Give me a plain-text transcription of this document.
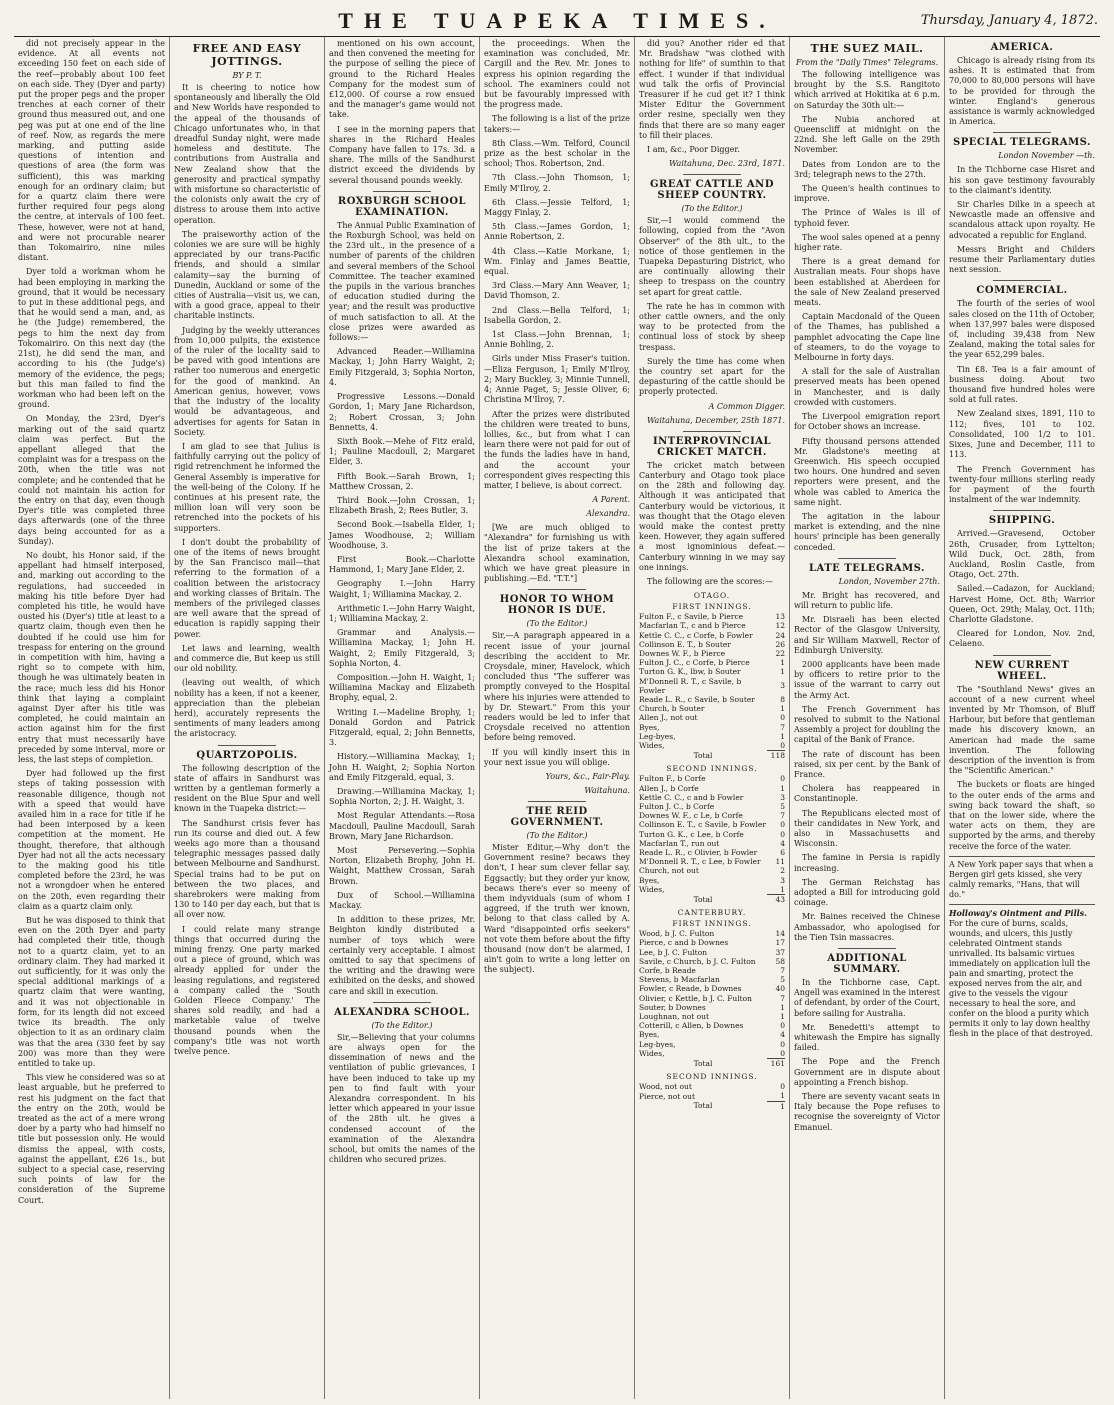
THE TUAPEKA TIMES.	Thursday, January 4, 1872.

did not precisely appear in the evidence. At all events not exceeding 150 feet on each side of the reef—probably about 100 feet on each side. They (Dyer and party) put the proper pegs and the proper trenches at each corner of their ground thus measured out, and one peg was put at one end of the line of reef. Now, as regards the mere marking, and putting aside questions of intention and questions of area (the form was sufficient), this was marking enough for an ordinary claim; but for a quartz claim there were further required four pegs along the centre, at intervals of 100 feet. These, however, were not at hand, and were not procurable nearer than Tokomairiro, nine miles distant.

Dyer told a workman whom he had been employing in marking the ground, that it would be necessary to put in these additional pegs, and that he would send a man, and, as he (the Judge) remembered, the pegs to him the next day from Tokomairiro. On this next day (the 21st), he did send the man, and according to his (the Judge's) memory of the evidence, the pegs; but this man failed to find the workman who had been left on the ground.

On Monday, the 23rd, Dyer's marking out of the said quartz claim was perfect. But the appellant alleged that the complaint was for a trespass on the 20th, when the title was not complete; and he contended that he could not maintain his action for the entry on that day, even though Dyer's title was completed three days afterwards (one of the three days being accounted for as a Sunday).

No doubt, his Honor said, if the appellant had himself interposed, and, marking out according to the regulations, had succeeded in making his title before Dyer had completed his title, he would have ousted his (Dyer's) title at least to a quartz claim, though even then he doubted if he could use him for trespass for entering on the ground in competition with him, having a right so to compete with him, though he was ultimately beaten in the race; much less did his Honor think that laying a complaint against Dyer after his title was completed, he could maintain an action against him for the first entry that must necessarily have preceded by some interval, more or less, the last steps of completion.

Dyer had followed up the first steps of taking possession with reasonable diligence, though not with a speed that would have availed him in a race for title if he had been interposed by a keen competition at the moment. He thought, therefore, that although Dyer had not all the acts necessary to the making good his title completed before the 23rd, he was not a wrongdoer when he entered on the 20th, even regarding their claim as a quartz claim only.

But he was disposed to think that even on the 20th Dyer and party had completed their title, though not to a quartz claim, yet to an ordinary claim. They had marked it out sufficiently, for it was only the special additional markings of a quartz claim that were wanting, and it was not objectionable in form, for its length did not exceed twice its breadth. The only objection to it as an ordinary claim was that the area (330 feet by say 200) was more than they were entitled to take up.

This view he considered was so at least arguable, but he preferred to rest his judgment on the fact that the entry on the 20th, would be treated as the act of a mere wrong doer by a party who had himself no title but possession only. He would dismiss the appeal, with costs, against the appellant, £26 1s., but subject to a special case, reserving such points of law for the consideration of the Supreme Court.

FREE AND EASY JOTTINGS.
BY P. T.

It is cheering to notice how spontaneously and liberally the Old and New Worlds have responded to the appeal of the thousands of Chicago unfortunates who, in that dreadful Sunday night, were made homeless and destitute. The contributions from Australia and New Zealand show that the generosity and practical sympathy with misfortune so characteristic of the colonists only await the cry of distress to arouse them into active operation.

The praiseworthy action of the colonies we are sure will be highly appreciated by our trans-Pacific friends, and should a similar calamity—say the burning of Dunedin, Auckland or some of the cities of Australia—visit us, we can, with a good grace, appeal to their charitable instincts.

Judging by the weekly utterances from 10,000 pulpits, the existence of the ruler of the locality said to be paved with good intentions are rather too numerous and energetic for the good of mankind. An American genius, however, vows that the industry of the locality would be advantageous, and advertises for agents for Satan in Society.

I am glad to see that Julius is faithfully carrying out the policy of rigid retrenchment he informed the General Assembly is imperative for the well-being of the Colony. If he continues at his present rate, the million loan will very soon be retrenched into the pockets of his supporters.

I don't doubt the probability of one of the items of news brought by the San Francisco mail—that referring to the formation of a coalition between the aristocracy and working classes of Britain. The members of the privileged classes are well aware that the spread of education is rapidly sapping their power.

Let laws and learning, wealth and commerce die, But keep us still our old nobility.

(leaving out wealth, of which nobility has a keen, if not a keener, appreciation than the plebeian herd), accurately represents the sentiments of many leaders among the aristocracy.

QUARTZOPOLIS.

The following description of the state of affairs in Sandhurst was written by a gentleman formerly a resident on the Blue Spur and well known in the Tuapeka district:—

The Sandhurst crisis fever has run its course and died out. A few weeks ago more than a thousand telegraphic messages passed daily between Melbourne and Sandhurst. Special trains had to be put on between the two places, and sharebrokers were making from 130 to 140 per day each, but that is all over now.

I could relate many strange things that occurred during the mining frenzy. One party marked out a piece of ground, which was already applied for under the leasing regulations, and registered a company called the 'South Golden Fleece Company.' The shares sold readily, and had a marketable value of twelve thousand pounds when the company's title was not worth twelve pence.

mentioned on his own account, and then convened the meeting for the purpose of selling the piece of ground to the Richard Heales Company for the modest sum of £12,000. Of course a row ensued and the manager's game would not take.

I see in the morning papers that shares in the Richard Heales Company have fallen to 17s. 3d. a share. The mills of the Sandhurst district exceed the dividends by several thousand pounds weekly.

ROXBURGH SCHOOL EXAMINATION.

The Annual Public Examination of the Roxburgh School, was held on the 23rd ult., in the presence of a number of parents of the children and several members of the School Committee. The teacher examined the pupils in the various branches of education studied during the year; and the result was productive of much satisfaction to all. At the close prizes were awarded as follows:—

Advanced Reader.—Williamina Mackay, 1; John Harry Waight, 2; Emily Fitzgerald, 3; Sophia Norton, 4.

Progressive Lessons.—Donald Gordon, 1; Mary Jane Richardson, 2; Robert Crossan, 3; John Bennetts, 4.

Sixth Book.—Mehe of Fitz erald, 1; Pauline Macdoull, 2; Margaret Elder, 3.

Fifth Book.—Sarah Brown, 1; Matthew Crossan, 2.

Third Book.—John Crossan, 1; Elizabeth Brash, 2; Rees Butler, 3.

Second Book.—Isabella Elder, 1; James Woodhouse, 2; William Woodhouse, 3.

First Book.—Charlotte Hammond, 1; Mary Jane Elder, 2.

Geography I.—John Harry Waight, 1; Williamina Mackay, 2.

Arithmetic I.—John Harry Waight, 1; Williamina Mackay, 2.

Grammar and Analysis.—Williamina Mackay, 1; John H. Waight, 2; Emily Fitzgerald, 3; Sophia Norton, 4.

Composition.—John H. Waight, 1; Williamina Mackay and Elizabeth Brophy, equal, 2.

Writing I.—Madeline Brophy, 1; Donald Gordon and Patrick Fitzgerald, equal, 2; John Bennetts, 3.

History.—Williamina Mackay, 1; John H. Waight, 2; Sophia Norton and Emily Fitzgerald, equal, 3.

Drawing.—Williamina Mackay, 1; Sophia Norton, 2; J. H. Waight, 3.

Most Regular Attendants.—Rosa Macdoull, Pauline Macdoull, Sarah Brown, Mary Jane Richardson.

Most Persevering.—Sophia Norton, Elizabeth Brophy, John H. Waight, Matthew Crossan, Sarah Brown.

Dux of School.—Williamina Mackay.

In addition to these prizes, Mr. Beighton kindly distributed a number of toys which were certainly very acceptable. I almost omitted to say that specimens of the writing and the drawing were exhibited on the desks, and showed care and skill in execution.

ALEXANDRA SCHOOL.
(To the Editor.)

Sir,—Believing that your columns are always open for the dissemination of news and the ventilation of public grievances, I have been induced to take up my pen to find fault with your Alexandra correspondent. In his letter which appeared in your issue of the 28th ult. he gives a condensed account of the examination of the Alexandra school, but omits the names of the children who secured prizes.

the proceedings. When the examination was concluded, Mr. Cargill and the Rev. Mr. Jones to express his opinion regarding the school. The examiners could not but be favourably impressed with the progress made.

The following is a list of the prize takers:—

8th Class.—Wm. Telford, Council prize as the best scholar in the school; Thos. Robertson, 2nd.

7th Class.—John Thomson, 1; Emily M'Ilroy, 2.

6th Class.—Jessie Telford, 1; Maggy Finlay, 2.

5th Class.—James Gordon, 1; Annie Robertson, 2.

4th Class.—Katie Morkane, 1; Wm. Finlay and James Beattie, equal.

3rd Class.—Mary Ann Weaver, 1; David Thomson, 2.

2nd Class.—Bella Telford, 1; Isabella Gordon, 2.

1st Class.—John Brennan, 1; Annie Bohling, 2.

Girls under Miss Fraser's tuition.—Eliza Ferguson, 1; Emily M'Ilroy, 2; Mary Buckley, 3; Minnie Tunnell, 4; Annie Paget, 5; Jessie Oliver, 6; Christina M'Ilroy, 7.

After the prizes were distributed the children were treated to buns, lollies, &c., but from what I can learn there were not paid for out of the funds the ladies have in hand, and the account your correspondent gives respecting this matter, I believe, is about correct.

A Parent.
Alexandra.

[We are much obliged to "Alexandra" for furnishing us with the list of prize takers at the Alexandra school examination, which we have great pleasure in publishing.—Ed. "T.T."]

HONOR TO WHOM HONOR IS DUE.
(To the Editor.)

Sir,—A paragraph appeared in a recent issue of your journal describing the accident to Mr. Croysdale, miner, Havelock, which concluded thus "The sufferer was promptly conveyed to the Hospital where his injuries were attended to by Dr. Stewart." From this your readers would be led to infer that Croysdale received no attention before being removed.

If you will kindly insert this in your next issue you will oblige.

Yours, &c., Fair-Play.
Waitahuna.
THE REID GOVERNMENT.
(To the Editor.)

Mister Editur,—Why don't the Government resine? becaws they don't, I hear sum clever fellar say. Eggsactly; but they order yur know, becaws there's ever so meeny of them indyviduals (sum of whom I aggreed, if the truth wer known, belong to that class called by A. Ward "disappointed orfis seekers" not vote them before about the fifty thousand (now don't be alarmed, I ain't goin to write a long letter on the subject).

did you? Another rider ed that Mr. Bradshaw "was clothed with nothing for life" of sumthin to that effect. I wunder if that individual wud talk the orfis of Provincial Treasurer if he cud get it? I think Mister Editur the Government order resine, specially wen they finds that there are so many eager to fill their places.

I am, &c., Poor Digger.

Waitahuna, Dec. 23rd, 1871.
GREAT CATTLE AND SHEEP COUNTRY.
(To the Editor.)

Sir,—I would commend the following, copied from the "Avon Observer" of the 8th ult., to the notice of those gentlemen in the Tuapeka Depasturing District, who are continually allowing their sheep to trespass on the country set apart for great cattle.

The rate he has in common with other cattle owners, and the only way to be protected from the continual loss of stock by sheep trespass.

Surely the time has come when the country set apart for the depasturing of the cattle should be properly protected.

A Common Digger.
Waitahuna, December, 25th 1871.
INTERPROVINCIAL CRICKET MATCH.

The cricket match between Canterbury and Otago took place on the 28th and following day. Although it was anticipated that Canterbury would be victorious, it was thought that the Otago eleven would make the contest pretty keen. However, they again suffered a most ignominious defeat.—Canterbury winning in we may say one innings.

The following are the scores:—

OTAGO.
FIRST INNINGS.
Fulton F., c Savile, b Pierce	13
Macfarlan T., c and b Pierce	12
Kettle C. C., c Corfe, b Fowler	24
Collinson E. T., b Souter	26
Downes W. F., b Pierce	22
Fulton J. C., c Corfe, b Pierce	1
Turton G. K., lbw, b Souter	1
M'Donnell R. T., c Savile, b Fowler	3
Reade L. R., c Savile, b Souter	8
Church, b Souter	1
Allen J., not out	0
Byes,	7
Leg-byes,	1
Wides,	0
Total	118
SECOND INNINGS.
Fulton F., b Corfe	0
Allen J., b Corfe	1
Kettle C. C., c and b Fowler	3
Fulton J. C., b Corfe	5
Downes W. F., c Le, b Corfe	7
Collinson E. T., c Savile, b Fowler	0
Turton G. K., c Lee, b Corfe	0
Macfarlan T., run out	4
Reade L. R., c Olivier, b Fowler	6
M'Donnell R. T., c Lee, b Fowler	11
Church, not out	2
Byes,	3
Wides,	1
Total	43
CANTERBURY.
FIRST INNINGS.
Wood, b J. C. Fulton	14
Pierce, c and b Downes	17
Lee, b J. C. Fulton	37
Savile, c Church, b J. C. Fulton	58
Corfe, b Reade	7
Stevens, b Macfarlan	5
Fowler, c Reade, b Downes	40
Olivier, c Kettle, b J. C. Fulton	7
Souter, b Downes	1
Loughnan, not out	1
Cotterill, c Allen, b Downes	0
Byes,	4
Leg-byes,	0
Wides,	0
Total	161
SECOND INNINGS.
Wood, not out	0
Pierce, not out	1
Total	1
THE SUEZ MAIL.
From the "Daily Times" Telegrams.

The following intelligence was brought by the S.S. Rangitoto which arrived at Hokitika at 6 p.m. on Saturday the 30th ult:—

The Nubia anchored at Queenscliff at midnight on the 22nd. She left Galle on the 29th November.

Dates from London are to the 3rd; telegraph news to the 27th.

The Queen's health continues to improve.

The Prince of Wales is ill of typhoid fever.

The wool sales opened at a penny higher rate.

There is a great demand for Australian meats. Four shops have been established at Aberdeen for the sale of New Zealand preserved meats.

Captain Macdonald of the Queen of the Thames, has published a pamphlet advocating the Cape line of steamers, to do the voyage to Melbourne in forty days.

A stall for the sale of Australian preserved meats has been opened in Manchester, and is daily crowded with customers.

The Liverpool emigration report for October shows an increase.

Fifty thousand persons attended Mr. Gladstone's meeting at Greenwich. His speech occupied two hours. One hundred and seven reporters were present, and the whole was cabled to America the same night.

The agitation in the labour market is extending, and the nine hours' principle has been generally conceded.

LATE TELEGRAMS.
London, November 27th.

Mr. Bright has recovered, and will return to public life.

Mr. Disraeli has been elected Rector of the Glasgow University, and Sir William Maxwell, Rector of Edinburgh University.

2000 applicants have been made by officers to retire prior to the issue of the warrant to carry out the Army Act.

The French Government has resolved to submit to the National Assembly a project for doubling the capital of the Bank of France.

The rate of discount has been raised, six per cent. by the Bank of France.

Cholera has reappeared in Constantinople.

The Republicans elected most of their candidates in New York, and also in Massachusetts and Wisconsin.

The famine in Persia is rapidly increasing.

The German Reichstag has adopted a Bill for introducing gold coinage.

Mr. Baines received the Chinese Ambassador, who apologised for the Tien Tsin massacres.

ADDITIONAL SUMMARY.

In the Tichborne case, Capt. Angell was examined in the interest of defendant, by order of the Court, before sailing for Australia.

Mr. Benedetti's attempt to whitewash the Empire has signally failed.

The Pope and the French Government are in dispute about appointing a French bishop.

There are seventy vacant seats in Italy because the Pope refuses to recognise the sovereignty of Victor Emanuel.

AMERICA.

Chicago is already rising from its ashes. It is estimated that from 70,000 to 80,000 persons will have to be provided for through the winter. England's generous assistance is warmly acknowledged in America.

SPECIAL TELEGRAMS.
London November —th.

In the Tichborne case Hisret and his son gave testimony favourably to the claimant's identity.

Sir Charles Dilke in a speech at Newcastle made an offensive and scandalous attack upon royalty. He advocated a republic for England.

Messrs Bright and Childers resume their Parliamentary duties next session.

COMMERCIAL.

The fourth of the series of wool sales closed on the 11th of October, when 137,997 bales were disposed of, including 39,438 from New Zealand, making the total sales for the year 652,299 bales.

Tin £8. Tea is a fair amount of business doing. About two thousand five hundred holes were sold at full rates.

New Zealand sixes, 1891, 110 to 112; fives, 101 to 102. Consolidated, 100 1/2 to 101. Sixes, June and December, 111 to 113.

The French Government has twenty-four millions sterling ready for payment of the fourth instalment of the war indemnity.

SHIPPING.

Arrived.—Gravesend, October 26th, Crusader, from Lyttelton; Wild Duck, Oct. 28th, from Auckland, Roslin Castle, from Otago, Oct. 27th.

Sailed.—Cadazon, for Auckland; Harvest Home, Oct. 8th; Warrior Queen, Oct. 29th; Malay, Oct. 11th; Charlotte Gladstone.

Cleared for London, Nov. 2nd, Celaeno.

NEW CURRENT WHEEL.

The "Southland News" gives an account of a new current wheel invented by Mr Thomson, of Bluff Harbour, but before that gentleman made his discovery known, an American had made the same invention. The following description of the invention is from the "Scientific American."

The buckets or floats are hinged to the outer ends of the arms and swing back toward the shaft, so that on the lower side, where the water acts on them, they are supported by the arms, and thereby receive the force of the water.

A New York paper says that when a Bergen girl gets kissed, she very calmly remarks, "Hans, that will do."
Holloway's Ointment and Pills.
For the cure of burns, scalds, wounds, and ulcers, this justly celebrated Ointment stands unrivalled. Its balsamic virtues immediately on application lull the pain and smarting, protect the exposed nerves from the air, and give to the vessels the vigour necessary to heal the sore, and confer on the blood a purity which permits it only to lay down healthy flesh in the place of that destroyed.
